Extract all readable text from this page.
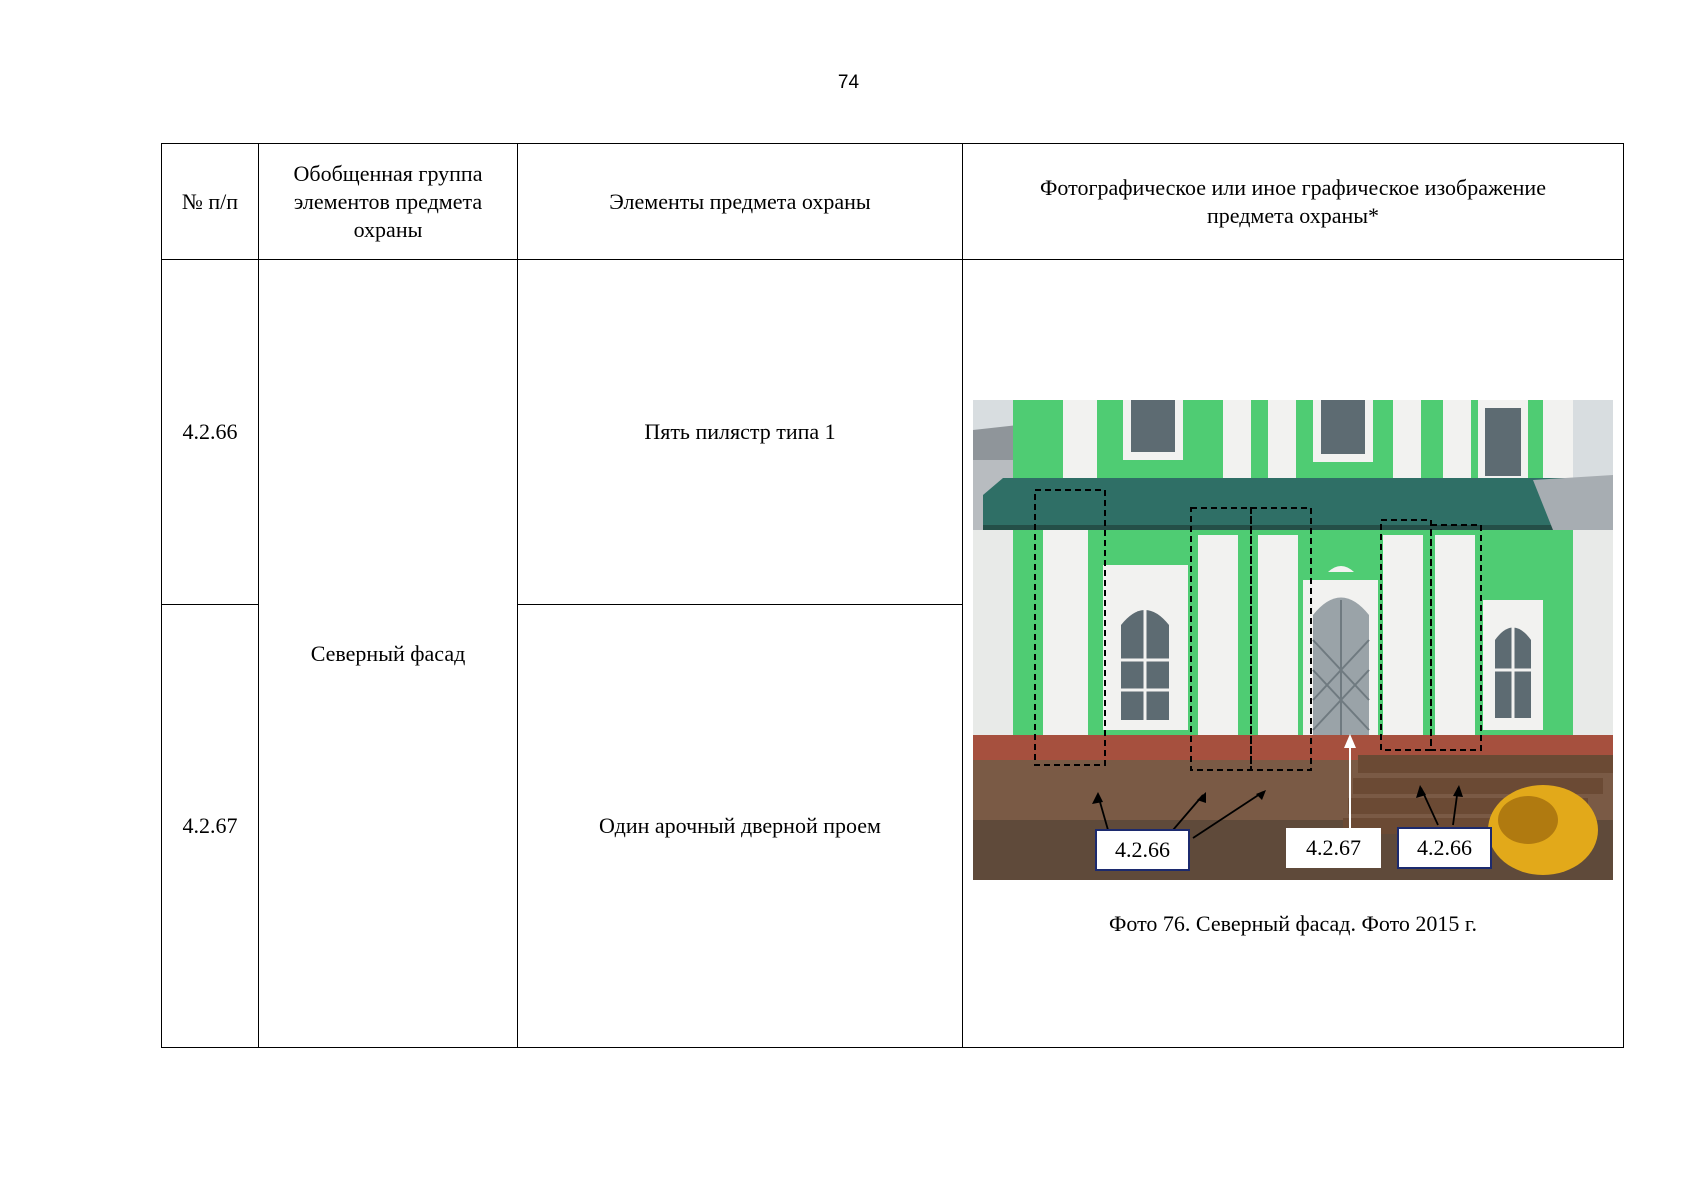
74
№ п/п	Обобщенная группа элементов предмета охраны	Элементы предмета охраны	Фотографическое или иное графическое изображение предмета охраны*
4.2.66	Северный фасад	Пять пилястр типа 1	4.2.66 4.2.67 4.2.66
Фото 76. Северный фасад. Фото 2015 г.

4.2.67		Один арочный дверной проем	
